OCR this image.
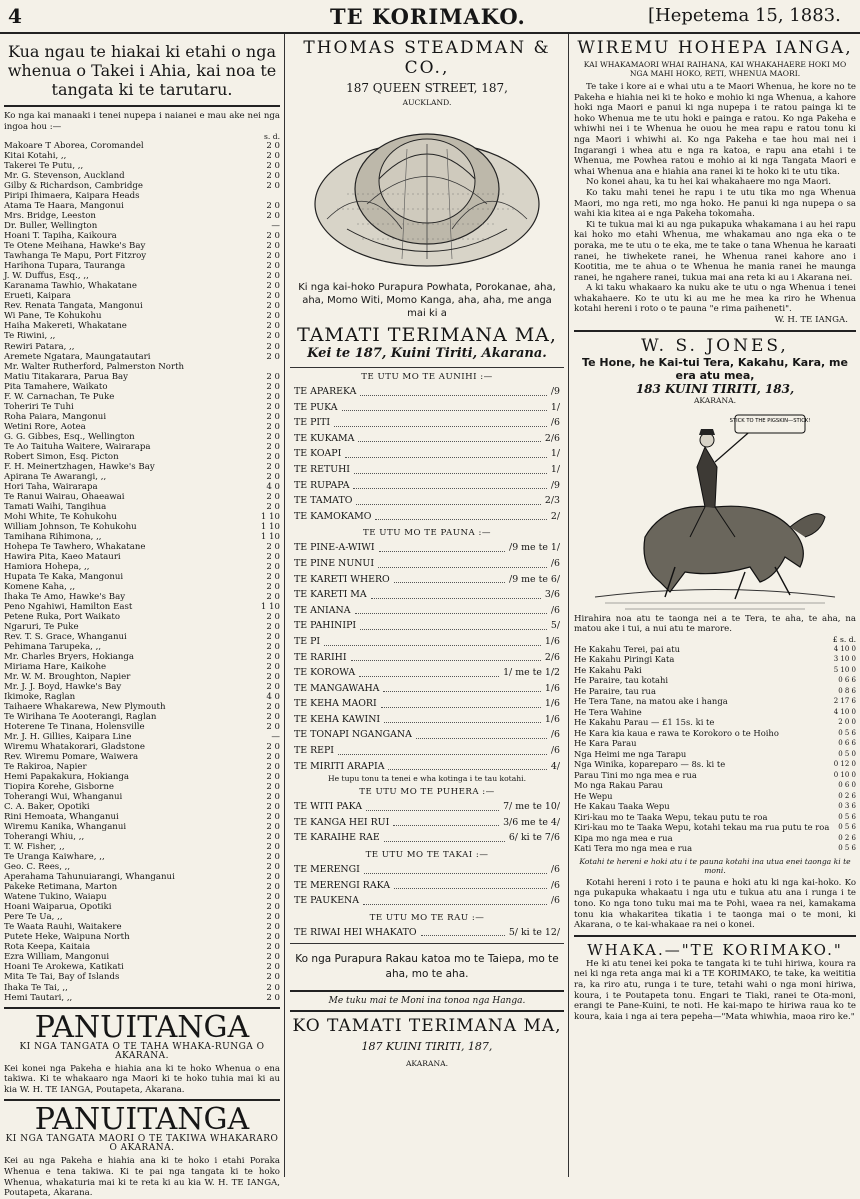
4	TE KORIMAKO.	[Hepetema 15, 1883.
Kua ngau te hiakai ki etahi o nga whenua o Takei i Ahia, kai noa te tangata ki te tarutaru.
Ko nga kai manaaki i tenei nupepa i naianei e mau ake nei nga ingoa hou :—
s. d.
Makoare T Aborea, Coromandel	2 0
Kitai Kotahi, ,,	2 0
Takerei Te Putu, ,,	2 0
Mr. G. Stevenson, Auckland	2 0
Gilby & Richardson, Cambridge	2 0
Piripi Ihimaera, Kaipara Heads
Atama Te Haara, Mangonui	2 0
Mrs. Bridge, Leeston	2 0
Dr. Buller, Wellington	—
Hoani T. Tapiha, Kaikoura	2 0
Te Otene Meihana, Hawke's Bay	2 0
Tawhanga Te Mapu, Port Fitzroy	2 0
Harihona Tupara, Tauranga	2 0
J. W. Duffus, Esq., ,,	2 0
Karanama Tawhio, Whakatane	2 0
Erueti, Kaipara	2 0
Rev. Renata Tangata, Mangonui	2 0
Wi Pane, Te Kohukohu	2 0
Haiha Makereti, Whakatane	2 0
Te Riwini, ,,	2 0
Rewiri Patara, ,,	2 0
Aremete Ngatara, Maungatautari	2 0
Mr. Walter Rutherford, Palmerston North
Matiu Titakarara, Parua Bay	2 0
Pita Tamahere, Waikato	2 0
F. W. Carnachan, Te Puke	2 0
Toheriri Te Tuhi	2 0
Roha Paiara, Mangonui	2 0
Wetini Rore, Aotea	2 0
G. G. Gibbes, Esq., Wellington	2 0
Te Ao Taituha Waitere, Wairarapa	2 0
Robert Simon, Esq. Picton	2 0
F. H. Meinertzhagen, Hawke's Bay	2 0
Apirana Te Awarangi, ,,	2 0
Hori Taha, Wairarapa	4 0
Te Ranui Wairau, Ohaeawai	2 0
Tamati Waihi, Tangihua	2 0
Mohi White, Te Kohukohu	1 10
William Johnson, Te Kohukohu	1 10
Tamihana Rihimona, ,,	1 10
Hohepa Te Tawhero, Whakatane	2 0
Hawira Pita, Kaeo Matauri	2 0
Hamiora Hohepa, ,,	2 0
Hupata Te Kaka, Mangonui	2 0
Komene Kaha, ,,	2 0
Ihaka Te Amo, Hawke's Bay	2 0
Peno Ngahiwi, Hamilton East	1 10
Petene Ruka, Port Waikato	2 0
Ngaruri, Te Puke	2 0
Rev. T. S. Grace, Whanganui	2 0
Pehimana Tarupeka, ,,	2 0
Mr. Charles Bryers, Hokianga	2 0
Miriama Hare, Kaikohe	2 0
Mr. W. M. Broughton, Napier	2 0
Mr. J. J. Boyd, Hawke's Bay	2 0
Ikimoke, Raglan	4 0
Taihaere Whakarewa, New Plymouth	2 0
Te Wirihana Te Aooterangi, Raglan	2 0
Hoterene Te Tinana, Holensville	2 0
Mr. J. H. Gillies, Kaipara Line	—
Wiremu Whatakorari, Gladstone	2 0
Rev. Wiremu Pomare, Waiwera	2 0
Te Rakiroa, Napier	2 0
Hemi Papakakura, Hokianga	2 0
Tiopira Korehe, Gisborne	2 0
Toherangi Wui, Whanganui	2 0
C. A. Baker, Opotiki	2 0
Rini Hemoata, Whanganui	2 0
Wiremu Kanika, Whanganui	2 0
Toherangi Whiu, ,,	2 0
T. W. Fisher, ,,	2 0
Te Uranga Kaiwhare, ,,	2 0
Geo. C. Rees, ,,	2 0
Aperahama Tahunuiarangi, Whanganui	2 0
Pakeke Retimana, Marton	2 0
Watene Tukino, Waiapu	2 0
Hoani Waiparua, Opotiki	2 0
Pere Te Ua, ,,	2 0
Te Waata Rauhi, Waitakere	2 0
Putete Heke, Waipuna North	2 0
Rota Keepa, Kaitaia	2 0
Ezra William, Mangonui	2 0
Hoani Te Arokewa, Katikati	2 0
Mita Te Tai, Bay of Islands	2 0
Ihaka Te Tai, ,,	2 0
Hemi Tautari, ,,	2 0
PANUITANGA
KI NGA TANGATA O TE TAHA WHAKA-RUNGA O AKARANA.
Kei konei nga Pakeha e hiahia ana ki te hoko Whenua o ena takiwa. Ki te whakaaro nga Maori ki te hoko tuhia mai ki au kia W. H. TE IANGA, Poutapeta, Akarana.
PANUITANGA
KI NGA TANGATA MAORI O TE TAKIWA WHAKARARO O AKARANA.
Kei au nga Pakeha e hiahia ana ki te hoko i etahi Poraka Whenua e tena takiwa. Ki te pai nga tangata ki te hoko Whenua, whakaturia mai ki te reta ki au kia W. H. TE IANGA, Poutapeta, Akarana.
THOMAS STEADMAN & CO.,
187 QUEEN STREET, 187,
AUCKLAND.
Ki nga kai-hoko Purapura Powhata, Porokanae, aha, aha, Momo Witi, Momo Kanga, aha, aha, me anga mai ki a
TAMATI TERIMANA MA,
Kei te 187, Kuini Tiriti, Akarana.
TE UTU MO TE AUNIHI :—
TE APAREKA	/9
TE PUKA	1/
TE PITI	/6
TE KUKAMA	2/6
TE KOAPI	1/
TE RETUHI	1/
TE RUPAPA	/9
TE TAMATO	2/3
TE KAMOKAMO	2/
TE UTU MO TE PAUNA :—
TE PINE-A-WIWI	/9 me te 1/
TE PINE NUNUI	/6
TE KARETI WHERO	/9 me te 6/
TE KARETI MA	3/6
TE ANIANA	/6
TE PAHINIPI	5/
TE PI	1/6
TE RARIHI	2/6
TE KOROWA	1/ me te 1/2
TE MANGAWAHA	1/6
TE KEHA MAORI	1/6
TE KEHA KAWINI	1/6
TE TONAPI NGANGANA	/6
TE REPI	/6
TE MIRITI ARAPIA	4/
He tupu tonu ta tenei e wha kotinga i te tau kotahi.
TE UTU MO TE PUHERA :—
TE WITI PAKA	7/ me te 10/
TE KANGA HEI RUI	3/6 me te 4/
TE KARAIHE RAE	6/ ki te 7/6
TE UTU MO TE TAKAI :—
TE MERENGI	/6
TE MERENGI RAKA	/6
TE PAUKENA	/6
TE UTU MO TE RAU :—
TE RIWAI HEI WHAKATO	5/ ki te 12/
Ko nga Purapura Rakau katoa mo te Taiepa, mo te aha, mo te aha.
Me tuku mai te Moni ina tonoa nga Hanga.
KO TAMATI TERIMANA MA,
187 KUINI TIRITI, 187,
AKARANA.
WIREMU HOHEPA IANGA,
KAI WHAKAMAORI WHAI RAIHANA, KAI WHAKAHAERE HOKI MO NGA MAHI HOKO, RETI, WHENUA MAORI.
Te take i kore ai e whai utu a te Maori Whenua, he kore no te Pakeha e hiahia nei ki te hoko e mohio ki nga Whenua, a kahore hoki nga Maori e panui ki nga nupepa i te ratou painga ki te hoko Whenua me te utu hoki e painga e ratou. Ko nga Pakeha e whiwhi nei i te Whenua he ouou he mea rapu e ratou tonu ki nga Maori i whiwhi ai. Ko nga Pakeha e tae hou mai nei i Ingarangi i whea atu e nga ra katoa, e rapu ana etahi i te Whenua, me Powhea ratou e mohio ai ki nga Tangata Maori e whai Whenua ana e hiahia ana ranei ki te hoko ki te utu tika.
No konei ahau, ka tu hei kai whakahaere mo nga Maori.
Ko taku mahi tenei he rapu i te utu tika mo nga Whenua Maori, mo nga reti, mo nga hoko. He panui ki nga nupepa o sa wahi kia kitea ai e nga Pakeha tokomaha.
Ki te tukua mai ki au nga pukapuka whakamana i au hei rapu kai hoko mo etahi Whenua, me whakamau ano nga eka o te poraka, me te utu o te eka, me te take o tana Whenua he karaati ranei, he tiwhekete ranei, he Whenua ranei kahore ano i Kootitia, me te ahua o te Whenua he mania ranei he maunga ranei, he ngahere ranei, tukua mai ana reta ki au i Akarana nei.
A ki taku whakaaro ka nuku ake te utu o nga Whenua i tenei whakahaere. Ko te utu ki au me he mea ka riro he Whenua kotahi hereni i roto o te pauna "e rima paiheneti".
W. H. TE IANGA.
W. S. JONES,
Te Hone, he Kai-tui Tera, Kakahu, Kara, me era atu mea,
183 KUINI TIRITI, 183,
AKARANA.
STICK TO THE PIGSKIN—STICK!
Hirahira noa atu te taonga nei a te Tera, te aha, te aha, na matou ake i tui, a nui atu te marore.
£ s. d.
He Kakahu Terei, pai atu	4 10 0
He Kakahu Piringi Kata	3 10 0
He Kakahu Paki	5 10 0
He Paraire, tau kotahi	0 6 6
He Paraire, tau rua	0 8 6
He Tera Tane, na matou ake i hanga	2 17 6
He Tera Wahine	4 10 0
He Kakahu Parau — £1 15s. ki te	2 0 0
He Kara kia kaua e rawa te Korokoro o te Hoiho	0 5 6
He Kara Parau	0 6 6
Nga Heimi me nga Tarapu	0 5 0
Nga Winika, kopareparo — 8s. ki te	0 12 0
Parau Tini mo nga mea e rua	0 10 0
Mo nga Rakau Parau	0 6 0
He Wepu	0 2 6
He Kakau Taaka Wepu	0 3 6
Kiri-kau mo te Taaka Wepu, tekau putu te roa	0 5 6
Kiri-kau mo te Taaka Wepu, kotahi tekau ma rua putu te roa	0 5 6
Kipa mo nga mea e rua	0 2 6
Kati Tera mo nga mea e rua	0 5 6
Kotahi te hereni e hoki atu i te pauna kotahi ina utua enei taonga ki te moni.
Kotahi hereni i roto i te pauna e hoki atu ki nga kai-hoko. Ko nga pukapuka whakaatu i nga utu e tukua atu ana i runga i te tono. Ko nga tono tuku mai ma te Pohi, waea ra nei, kamakama tonu kia whakaritea tikatia i te taonga mai o te moni, ki Akarana, o te kai-whakaae ra nei o konei.
WHAKA.—"TE KORIMAKO."
He ki atu tenei kei poka te tangata ki te tuhi hiriwa, koura ra nei ki nga reta anga mai ki a TE KORIMAKO, te take, ka weititia ra, ka riro atu, runga i te ture, tetahi wahi o nga moni hiriwa, koura, i te Poutapeta tonu. Engari te Tiaki, ranei te Ota-moni, erangi te Pane-Kuini, te noti. He kai-mapo te hiriwa raua ko te koura, kaia i nga ai tera pepeha—"Mata whiwhia, maoa riro ke."
